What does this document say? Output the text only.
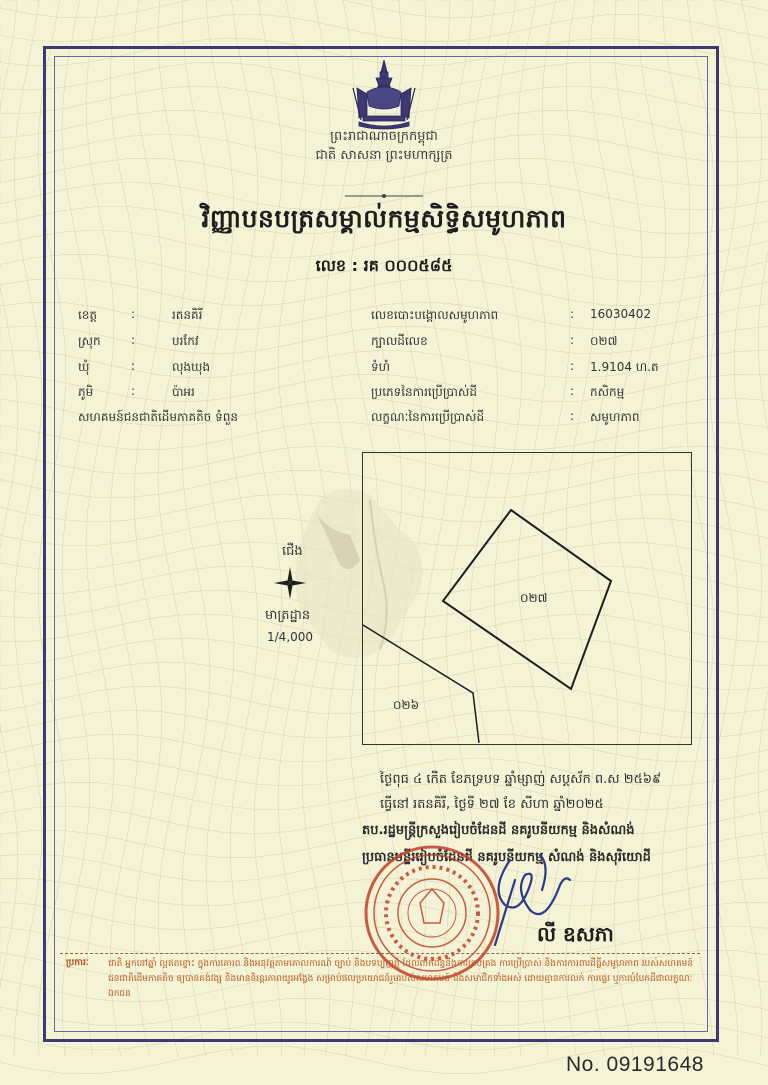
ព្រះរាជាណាចក្រកម្ពុជា
ជាតិ សាសនា ព្រះមហាក្សត្រ
វិញ្ញាបនបត្រសម្គាល់កម្មសិទ្ធិសមូហភាព
លេខ : រគ ០០០៥៨៥
ខេត្ត	:	រតនគិរី
ស្រុក	:	បរកែវ
ឃុំ	:	លុងឃុង
ភូមិ	:	ប៉ាអរ
សហគមន៍ជនជាតិដើមភាគតិច ទំពួន
លេខបោះបង្គោលសមូហភាព	: 16030402
ក្បាលដីលេខ	: ០២៧
ទំហំ	: 1.9104 ហ.ត
ប្រភេទនៃការប្រើប្រាស់ដី	: កសិកម្ម
លក្ខណៈនៃការប្រើប្រាស់ដី	: សមូហភាព
០២៧
០២៦
ជើង
មាត្រដ្ឋាន
1/4,000
ថ្ងៃពុធ ៤ កើត ខែភទ្របទ ឆ្នាំម្សាញ់ សប្តស័ក ព.ស ២៥៦៩
ធ្វើនៅ រតនគិរី, ថ្ងៃទី ២៧ ខែ សីហា ឆ្នាំ២០២៥
តប.រដ្ឋមន្ត្រីក្រសួងរៀបចំដែនដី នគរូបនីយកម្ម និងសំណង់
ប្រធានមន្ទីររៀបចំដែនដី នគរូបនីយកម្ម សំណង់ និងសុរិយោដី
លី ឧសភា
ប្រការៈ ជាតិ អ្នកនៅឆ្នាំ ល្អឥតខ្ចោះ ក្នុងការគោរព និងអនុវត្តតាមគោលការណ៍ ច្បាប់ និងបទប្បញ្ញត្តិ ដែលពាក់ព័ន្ធនឹងការគ្រប់គ្រង ការប្រើប្រាស់ និងការការពារដីធ្លីសមូហភាព របស់សហគមន៍ជនជាតិដើមភាគតិច ឲ្យបានគង់វង្ស និងមាននិរន្តរភាពយូរអង្វែង សម្រាប់ផលប្រយោជន៍រួមរបស់សហគមន៍ និងសមាជិកទាំងអស់ ដោយគ្មានការលក់ ការផ្ទេរ ឬការបំបែកដីជាលក្ខណៈឯកជន
No. 09191648
